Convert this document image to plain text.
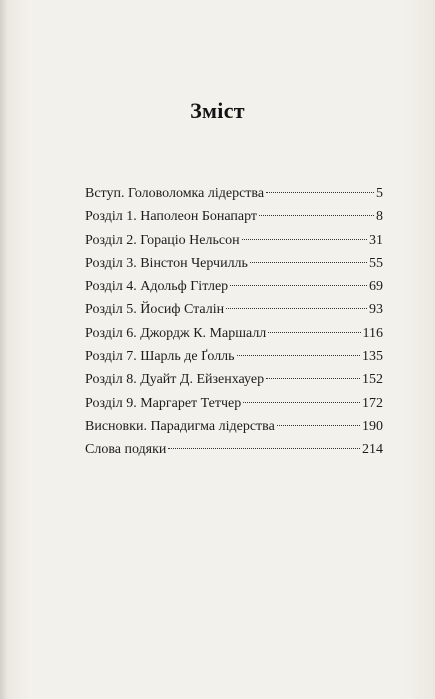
Зміст
Вступ. Головоломка лідерства	5
Розділ 1. Наполеон Бонапарт	8
Розділ 2. Гораціо Нельсон	31
Розділ 3. Вінстон Черчилль	55
Розділ 4. Адольф Гітлер	69
Розділ 5. Йосиф Сталін	93
Розділ 6. Джордж К. Маршалл	116
Розділ 7. Шарль де Ґолль	135
Розділ 8. Дуайт Д. Ейзенхауер	152
Розділ 9. Маргарет Тетчер	172
Висновки. Парадигма лідерства	190
Слова подяки	214
